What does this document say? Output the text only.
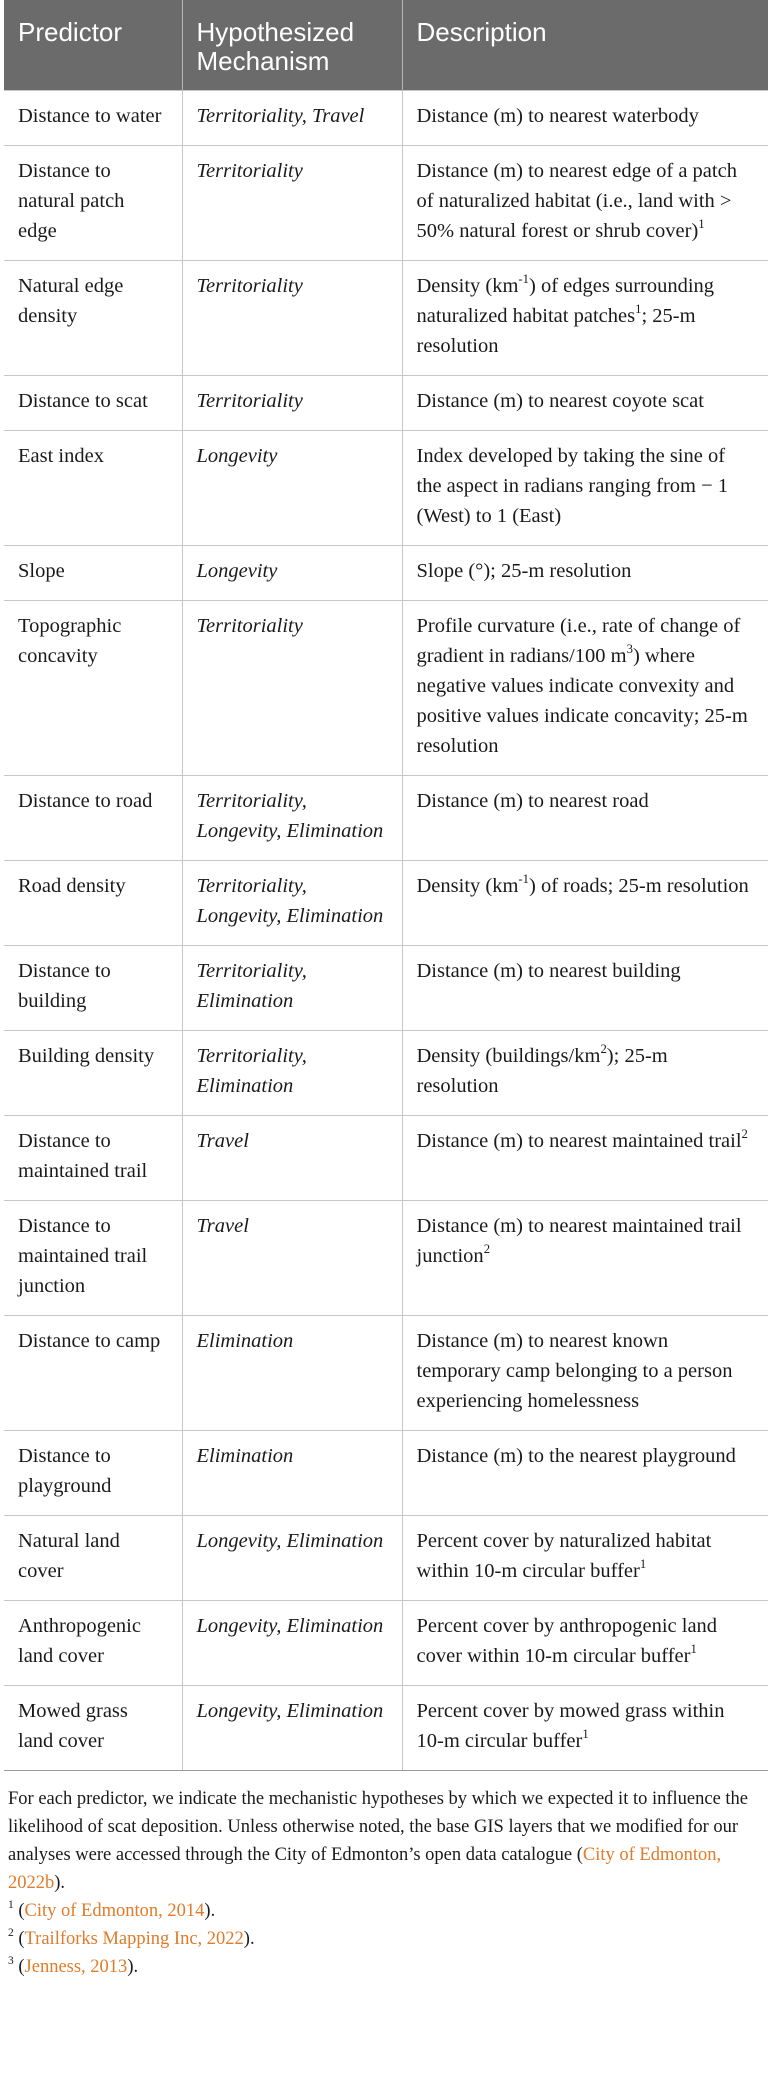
Predictor	Hypothesized Mechanism	Description
Distance to water	Territoriality, Travel	Distance (m) to nearest waterbody
Distance to natural patch edge	Territoriality	Distance (m) to nearest edge of a patch of naturalized habitat (i.e., land with > 50% natural forest or shrub cover)$^1$
Natural edge density	Territoriality	Density $(km^{-1})$ of edges surrounding naturalized habitat patches$^1$; 25-m resolution
Distance to scat	Territoriality	Distance (m) to nearest coyote scat
East index	Longevity	Index developed by taking the sine of the aspect in radians ranging from − 1 (West) to 1 (East)
Slope	Longevity	Slope (°); 25-m resolution
Topographic concavity	Territoriality	Profile curvature (i.e., rate of change of gradient in radians/100 $m^3$) where negative values indicate convexity and positive values indicate concavity; 25-m resolution
Distance to road	Territoriality, Longevity, Elimination	Distance (m) to nearest road
Road density	Territoriality, Longevity, Elimination	Density $(km^{-1})$ of roads; 25-m resolution
Distance to building	Territoriality, Elimination	Distance (m) to nearest building
Building density	Territoriality, Elimination	Density $(buildings/km^2)$; 25-m resolution
Distance to maintained trail	Travel	Distance (m) to nearest maintained trail$^2$
Distance to maintained trail junction	Travel	Distance (m) to nearest maintained trail junction$^2$
Distance to camp	Elimination	Distance (m) to nearest known temporary camp belonging to a person experiencing homelessness
Distance to playground	Elimination	Distance (m) to the nearest playground
Natural land cover	Longevity, Elimination	Percent cover by naturalized habitat within 10-m circular buffer$^1$
Anthropogenic land cover	Longevity, Elimination	Percent cover by anthropogenic land cover within 10-m circular buffer$^1$
Mowed grass land cover	Longevity, Elimination	Percent cover by mowed grass within 10-m circular buffer$^1$

For each predictor, we indicate the mechanistic hypotheses by which we expected it to influence the likelihood of scat deposition. Unless otherwise noted, the base GIS layers that we modified for our analyses were accessed through the City of Edmonton’s open data catalogue (City of Edmonton, 2022b).

$^1$ (City of Edmonton, 2014).

$^2$ (Trailforks Mapping Inc, 2022).

$^3$ (Jenness, 2013).
